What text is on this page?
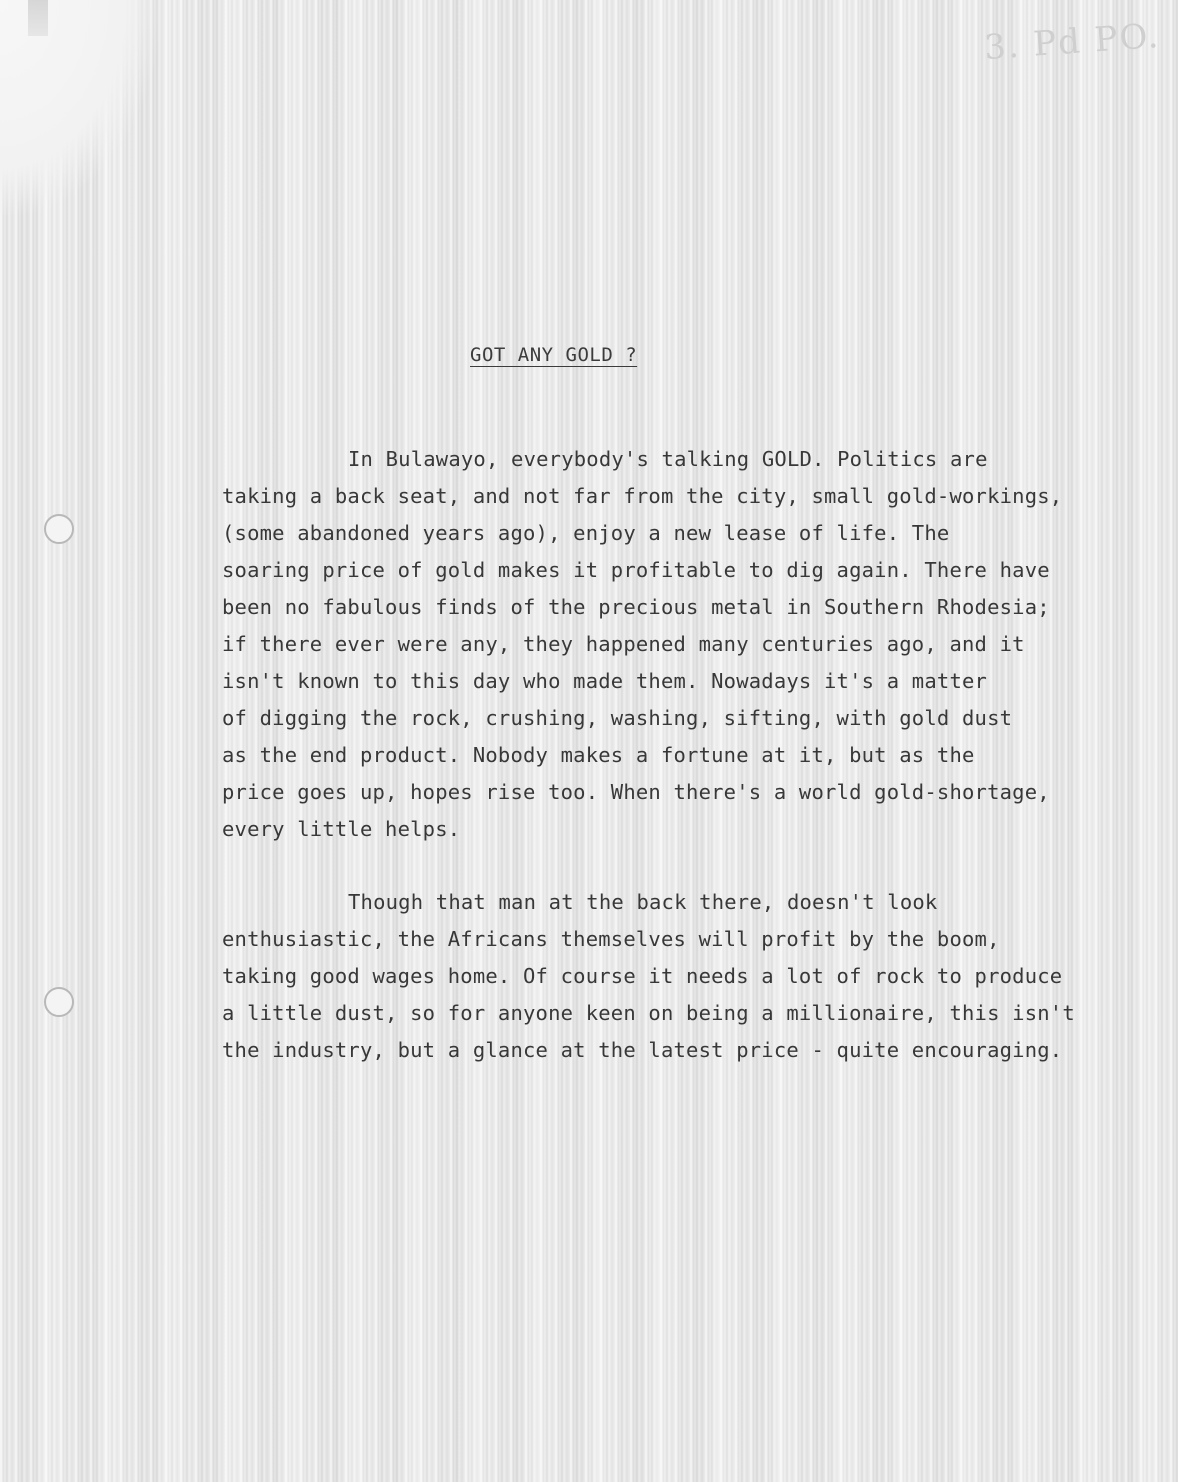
3. Pd PO.
GOT ANY GOLD ?
In Bulawayo, everybody's talking GOLD. Politics are
taking a back seat, and not far from the city, small gold-workings,
(some abandoned years ago), enjoy a new lease of life. The
soaring price of gold makes it profitable to dig again. There have
been no fabulous finds of the precious metal in Southern Rhodesia;
if there ever were any, they happened many centuries ago, and it
isn't known to this day who made them. Nowadays it's a matter
of digging the rock, crushing, washing, sifting, with gold dust
as the end product. Nobody makes a fortune at it, but as the
price goes up, hopes rise too. When there's a world gold-shortage,
every little helps.
Though that man at the back there, doesn't look
enthusiastic, the Africans themselves will profit by the boom,
taking good wages home. Of course it needs a lot of rock to produce
a little dust, so for anyone keen on being a millionaire, this isn't
the industry, but a glance at the latest price - quite encouraging.
